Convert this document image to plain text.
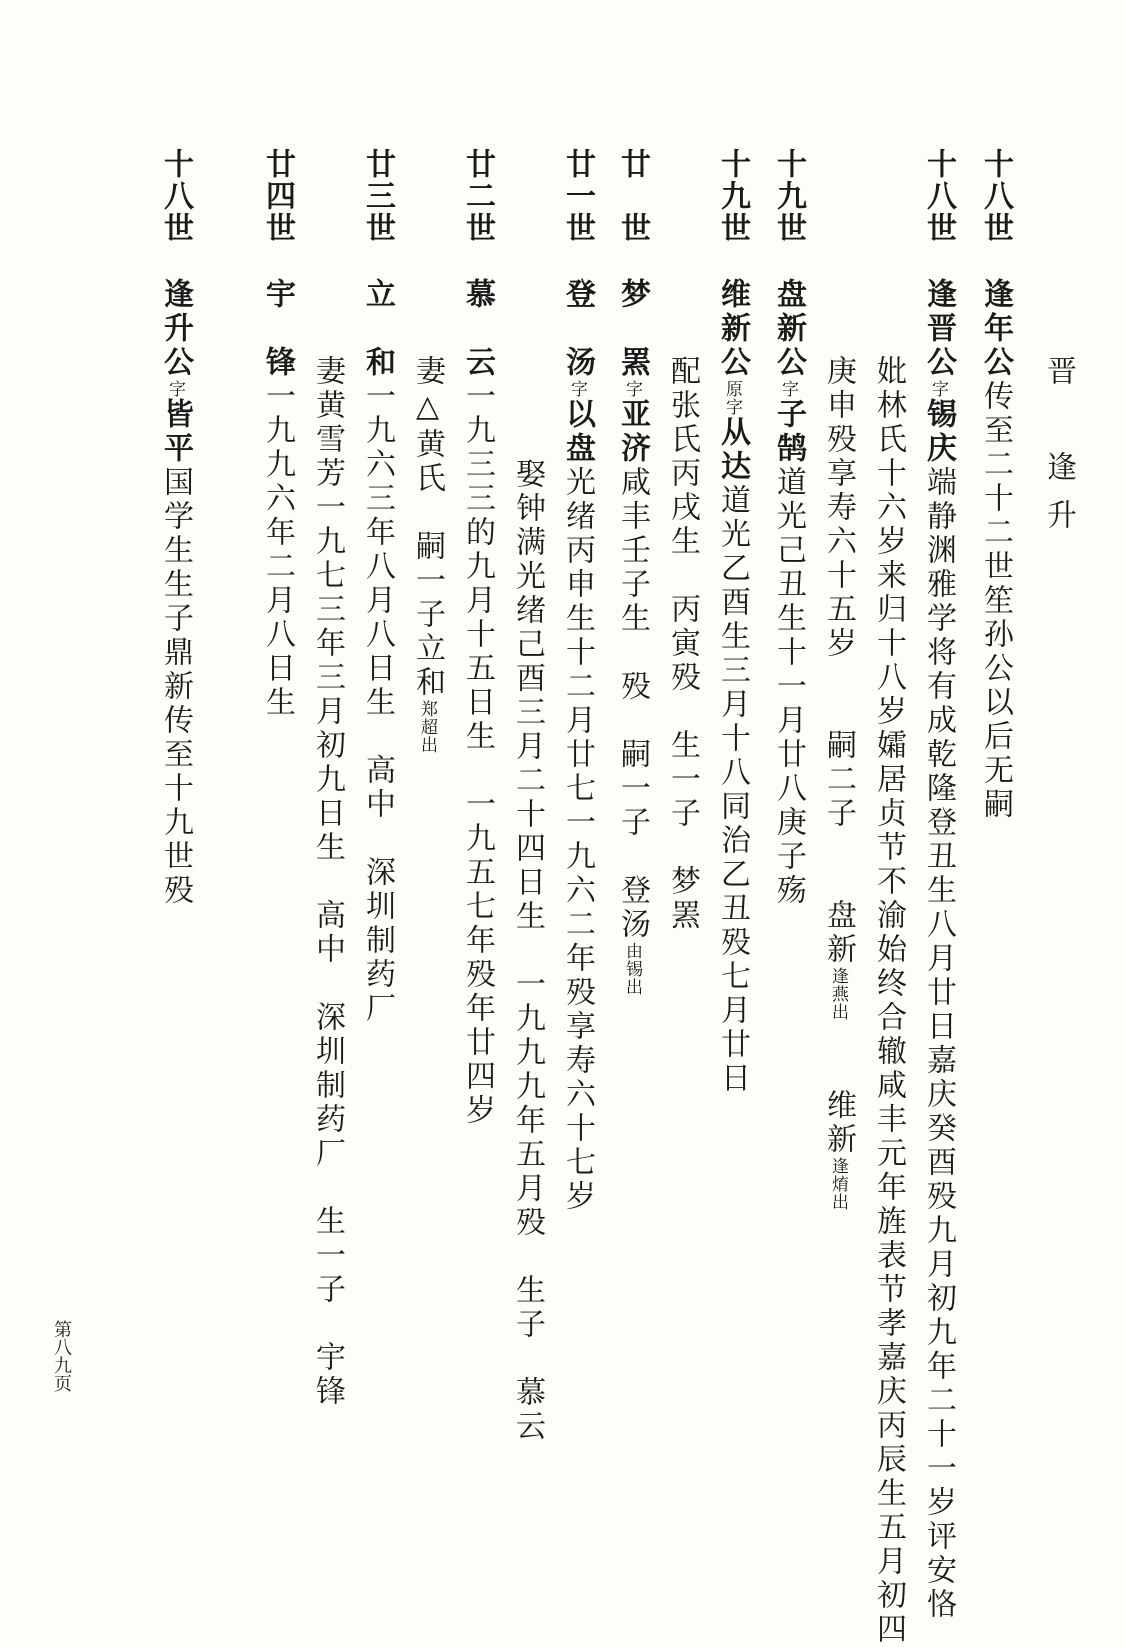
晋　逢升
十八世　逢年公传至二十二世笙孙公以后无嗣
十八世　逢晋公字锡庆端静渊雅学将有成乾隆登丑生八月廿日嘉庆癸酉殁九月初九年二十一岁评安恪
妣林氏十六岁来归十八岁孀居贞节不渝始终合辙咸丰元年旌表节孝嘉庆丙辰生五月初四
庚申殁享寿六十五岁　　嗣二子　　盘新逢燕出　　维新逢焴出
十九世　盘新公字子鹄道光己丑生十一月廿八庚子殇
十九世　维新公原字从达道光乙酉生三月十八同治乙丑殁七月廿日
配张氏丙戌生　丙寅殁　生一子　梦罴
廿　世　梦　罴字亚济咸丰壬子生　殁　嗣一子　登汤由锡出
廿一世　登　汤字以盘光绪丙申生十二月廿七一九六二年殁享寿六十七岁
娶钟满光绪己酉三月二十四日生　一九九九年五月殁　生子　慕云
廿二世　慕　云一九三三的九月十五日生　一九五七年殁年廿四岁
妻△黄氏　嗣一子立和郑超出
廿三世　立　和一九六三年八月八日生　高中　深圳制药厂
妻黄雪芳一九七三年三月初九日生　高中　深圳制药厂　生一子　宇锋
廿四世　宇　锋一九九六年二月八日生
十八世　逢升公字皆平国学生生子鼎新传至十九世殁
第八九页
